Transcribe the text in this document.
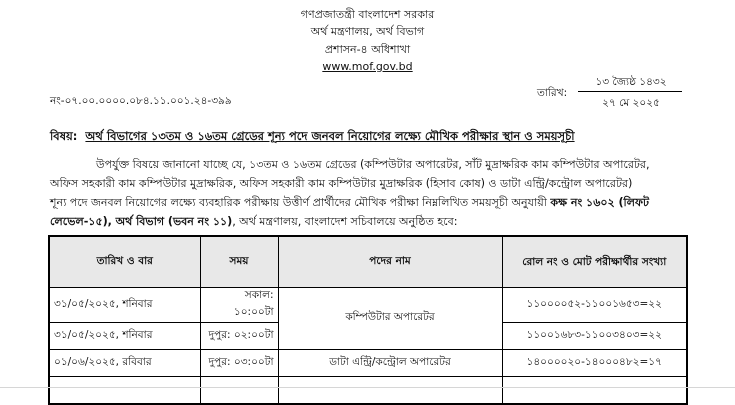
গণপ্রজাতন্ত্রী বাংলাদেশ সরকার
অর্থ মন্ত্রণালয়, অর্থ বিভাগ
প্রশাসন-৪ অধিশাখা
www.mof.gov.bd
নং-০৭.০০.০০০০.০৮৪.১১.০০১.২৪-৩৯৯
তারিখ:
১৩ জ্যৈষ্ঠ ১৪৩২
২৭ মে ২০২৫
বিষয়: অর্থ বিভাগের ১৩তম ও ১৬তম গ্রেডের শূন্য পদে জনবল নিয়োগের লক্ষ্যে মৌখিক পরীক্ষার স্থান ও সময়সূচী
উপর্যুক্ত বিষয়ে জানানো যাচ্ছে যে, ১৩তম ও ১৬তম গ্রেডের (কম্পিউটার অপারেটর, সাঁট মুদ্রাক্ষরিক কাম কম্পিউটার অপারেটর,
অফিস সহকারী কাম কম্পিউটার মুদ্রাক্ষরিক, অফিস সহকারী কাম কম্পিউটার মুদ্রাক্ষরিক (হিসাব কোষ) ও ডাটা এন্ট্রি/কন্ট্রোল অপারেটর)
শূন্য পদে জনবল নিয়োগের লক্ষ্যে ব্যবহারিক পরীক্ষায় উত্তীর্ণ প্রার্থীদের মৌখিক পরীক্ষা নিম্নলিখিত সময়সূচী অনুযায়ী কক্ষ নং ১৬০২ (লিফট
লেভেল-১৫), অর্থ বিভাগ (ভবন নং ১১), অর্থ মন্ত্রণালয়, বাংলাদেশ সচিবালয়ে অনুষ্ঠিত হবে:
তারিখ ও বার	সময়	পদের নাম	রোল নং ও মোট পরীক্ষার্থীর সংখ্যা
৩১/০৫/২০২৫, শনিবার	সকাল: ১০:০০টা	কম্পিউটার অপারেটর	১১০০০০৫২-১১০০১৬৫৩=২২
৩১/০৫/২০২৫, শনিবার	দুপুর: ০২:০০টা		১১০০১৬৮৩-১১০০৩৪০৩=২২
০১/০৬/২০২৫, রবিবার	দুপুর: ০৩:০০টা	ডাটা এন্ট্রি/কন্ট্রোল অপারেটর	১৪০০০০২০-১৪০০০৪৮২=১৭
